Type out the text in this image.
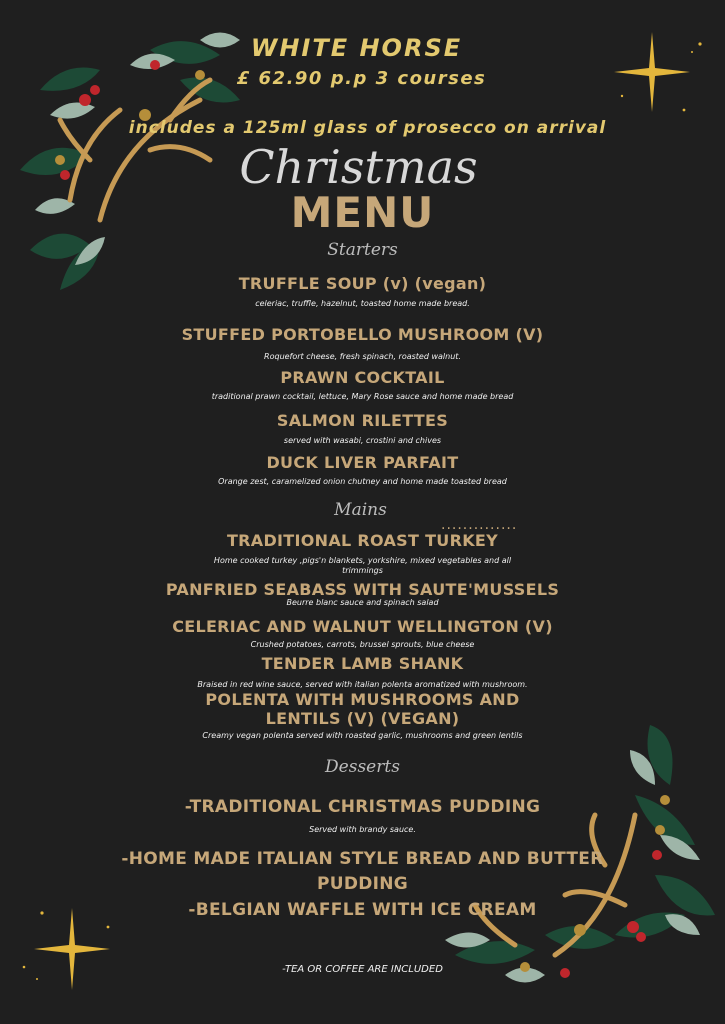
WHITE HORSE
£ 62.90 p.p 3 courses
includes a 125ml glass of prosecco on arrival
Christmas
MENU
Starters
TRUFFLE SOUP (v) (vegan)
celeriac, truffle, hazelnut, toasted home made bread.
STUFFED PORTOBELLO MUSHROOM (V)
Roquefort cheese, fresh spinach, roasted walnut.
PRAWN COCKTAIL
traditional prawn cocktail, lettuce, Mary Rose sauce and home made bread
SALMON RILETTES
served with wasabi, crostini and chives
DUCK LIVER PARFAIT
Orange zest, caramelized onion chutney and home made toasted bread
Mains
..............
TRADITIONAL ROAST TURKEY
Home cooked turkey ,pigs'n blankets, yorkshire, mixed vegetables and all
trimmings
PANFRIED SEABASS WITH SAUTE'MUSSELS
Beurre blanc sauce and spinach salad
CELERIAC AND WALNUT WELLINGTON (V)
Crushed potatoes, carrots, brussel sprouts, blue cheese
TENDER LAMB SHANK
Braised in red wine sauce, served with italian polenta aromatized with mushroom.
POLENTA WITH MUSHROOMS AND
LENTILS (V) (VEGAN)
Creamy vegan polenta served with roasted garlic, mushrooms and green lentils
Desserts
-TRADITIONAL CHRISTMAS PUDDING
Served with brandy sauce.
-HOME MADE ITALIAN STYLE BREAD AND BUTTER
PUDDING
-BELGIAN WAFFLE WITH ICE CREAM
-TEA OR COFFEE ARE INCLUDED
